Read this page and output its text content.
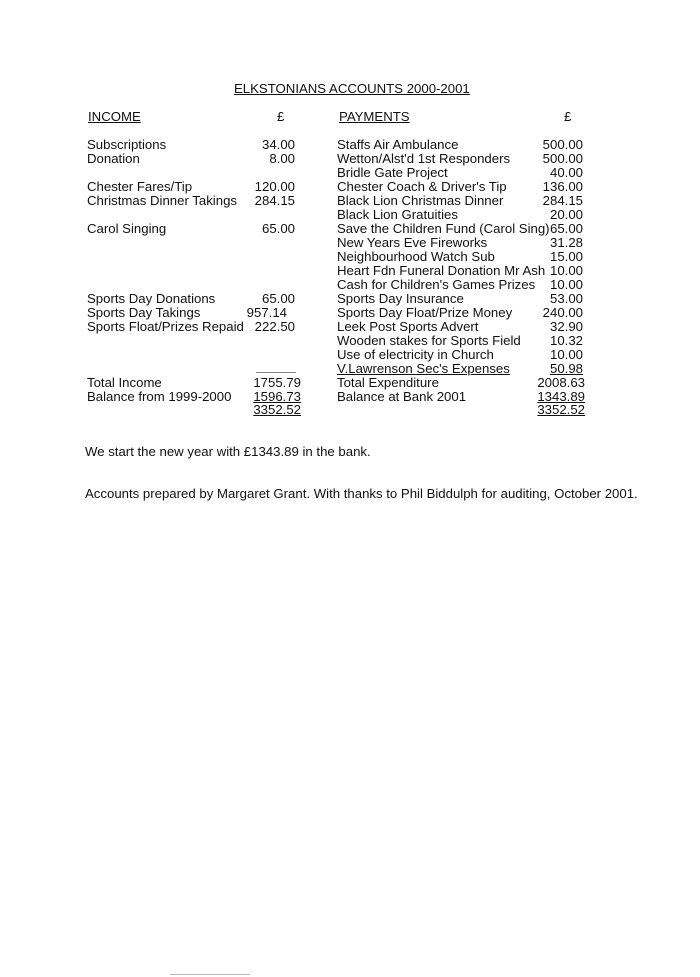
ELKSTONIANS ACCOUNTS 2000-2001
INCOME	£
Subscriptions	34.00
Donation	8.00
Chester Fares/Tip	120.00
Christmas Dinner Takings	284.15
Carol Singing	65.00
Sports Day Donations	65.00
Sports Day Takings	957.14
Sports Float/Prizes Repaid 222.50
Total Income	1755.79
Balance from 1999-2000	1596.73
3352.52
PAYMENTS	£
Staffs Air Ambulance	500.00
Wetton/Alst'd 1st Responders	500.00
Bridle Gate Project	40.00
Chester Coach & Driver's Tip	136.00
Black Lion Christmas Dinner	284.15
Black Lion Gratuities	20.00
Save the Children Fund (Carol Sing) 65.00
New Years Eve Fireworks	31.28
Neighbourhood Watch Sub	15.00
Heart Fdn Funeral Donation Mr Ash 10.00
Cash for Children's Games Prizes	10.00
Sports Day Insurance	53.00
Sports Day Float/Prize Money	240.00
Leek Post Sports Advert	32.90
Wooden stakes for Sports Field	10.32
Use of electricity in Church	10.00
V.Lawrenson Sec's Expenses	50.98
Total Expenditure	2008.63
Balance at Bank 2001	1343.89
3352.52
We start the new year with £1343.89 in the bank.
Accounts prepared by Margaret Grant. With thanks to Phil Biddulph for auditing, October 2001.
